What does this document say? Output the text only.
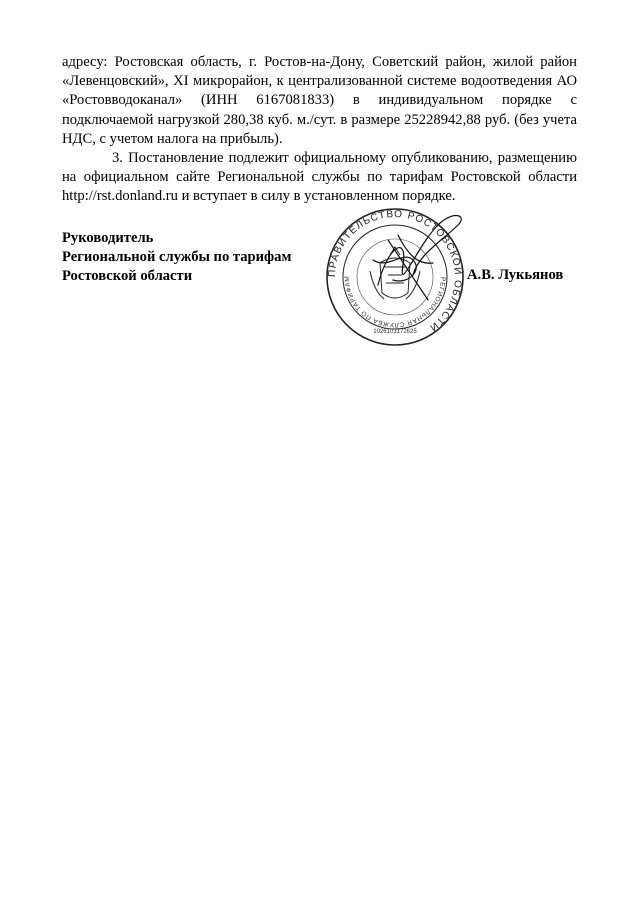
адресу: Ростовская область, г. Ростов-на-Дону, Советский район, жилой район «Левенцовский», XI микрорайон, к централизованной системе водоотведения АО «Ростовводоканал» (ИНН 6167081833) в индивидуальном порядке с подключаемой нагрузкой 280,38 куб. м./сут. в размере 25228942,88 руб. (без учета НДС, с учетом налога на прибыль).

3. Постановление подлежит официальному опубликованию, размещению на официальном сайте Региональной службы по тарифам Ростовской области http://rst.donland.ru и вступает в силу в установленном порядке.

Руководитель
Региональной службы по тарифам
Ростовской области	ПРАВИТЕЛЬСТВО РОСТОВСКОЙ ОБЛАСТИ
РЕГИОНАЛЬНАЯ СЛУЖБА ПО ТАРИФАМ
1026103172625
А.В. Лукьянов
